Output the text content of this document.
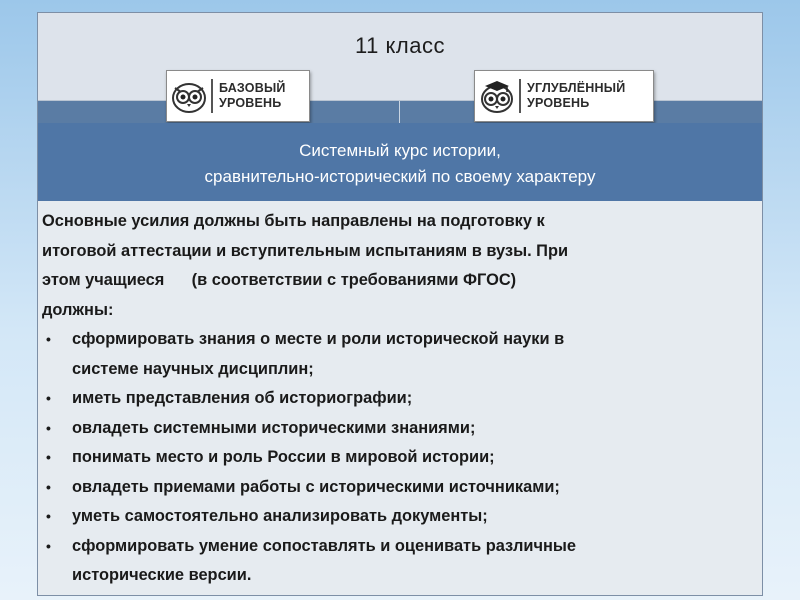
11 класс
БАЗОВЫЙ
УРОВЕНЬ
УГЛУБЛЁННЫЙ
УРОВЕНЬ
Системный курс истории,
сравнительно-исторический по своему характеру
Основные усилия должны быть направлены на подготовку к
итоговой аттестации и вступительным испытаниям в вузы. При
этом учащиеся      (в соответствии с требованиями ФГОС)
должны:
• сформировать знания о месте и роли исторической науки в
системе научных дисциплин;
• иметь представления об историографии;
• овладеть системными историческими знаниями;
• понимать место и роль России в мировой истории;
• овладеть приемами работы с историческими источниками;
• уметь самостоятельно анализировать документы;
• сформировать умение сопоставлять и оценивать различные
исторические версии.
